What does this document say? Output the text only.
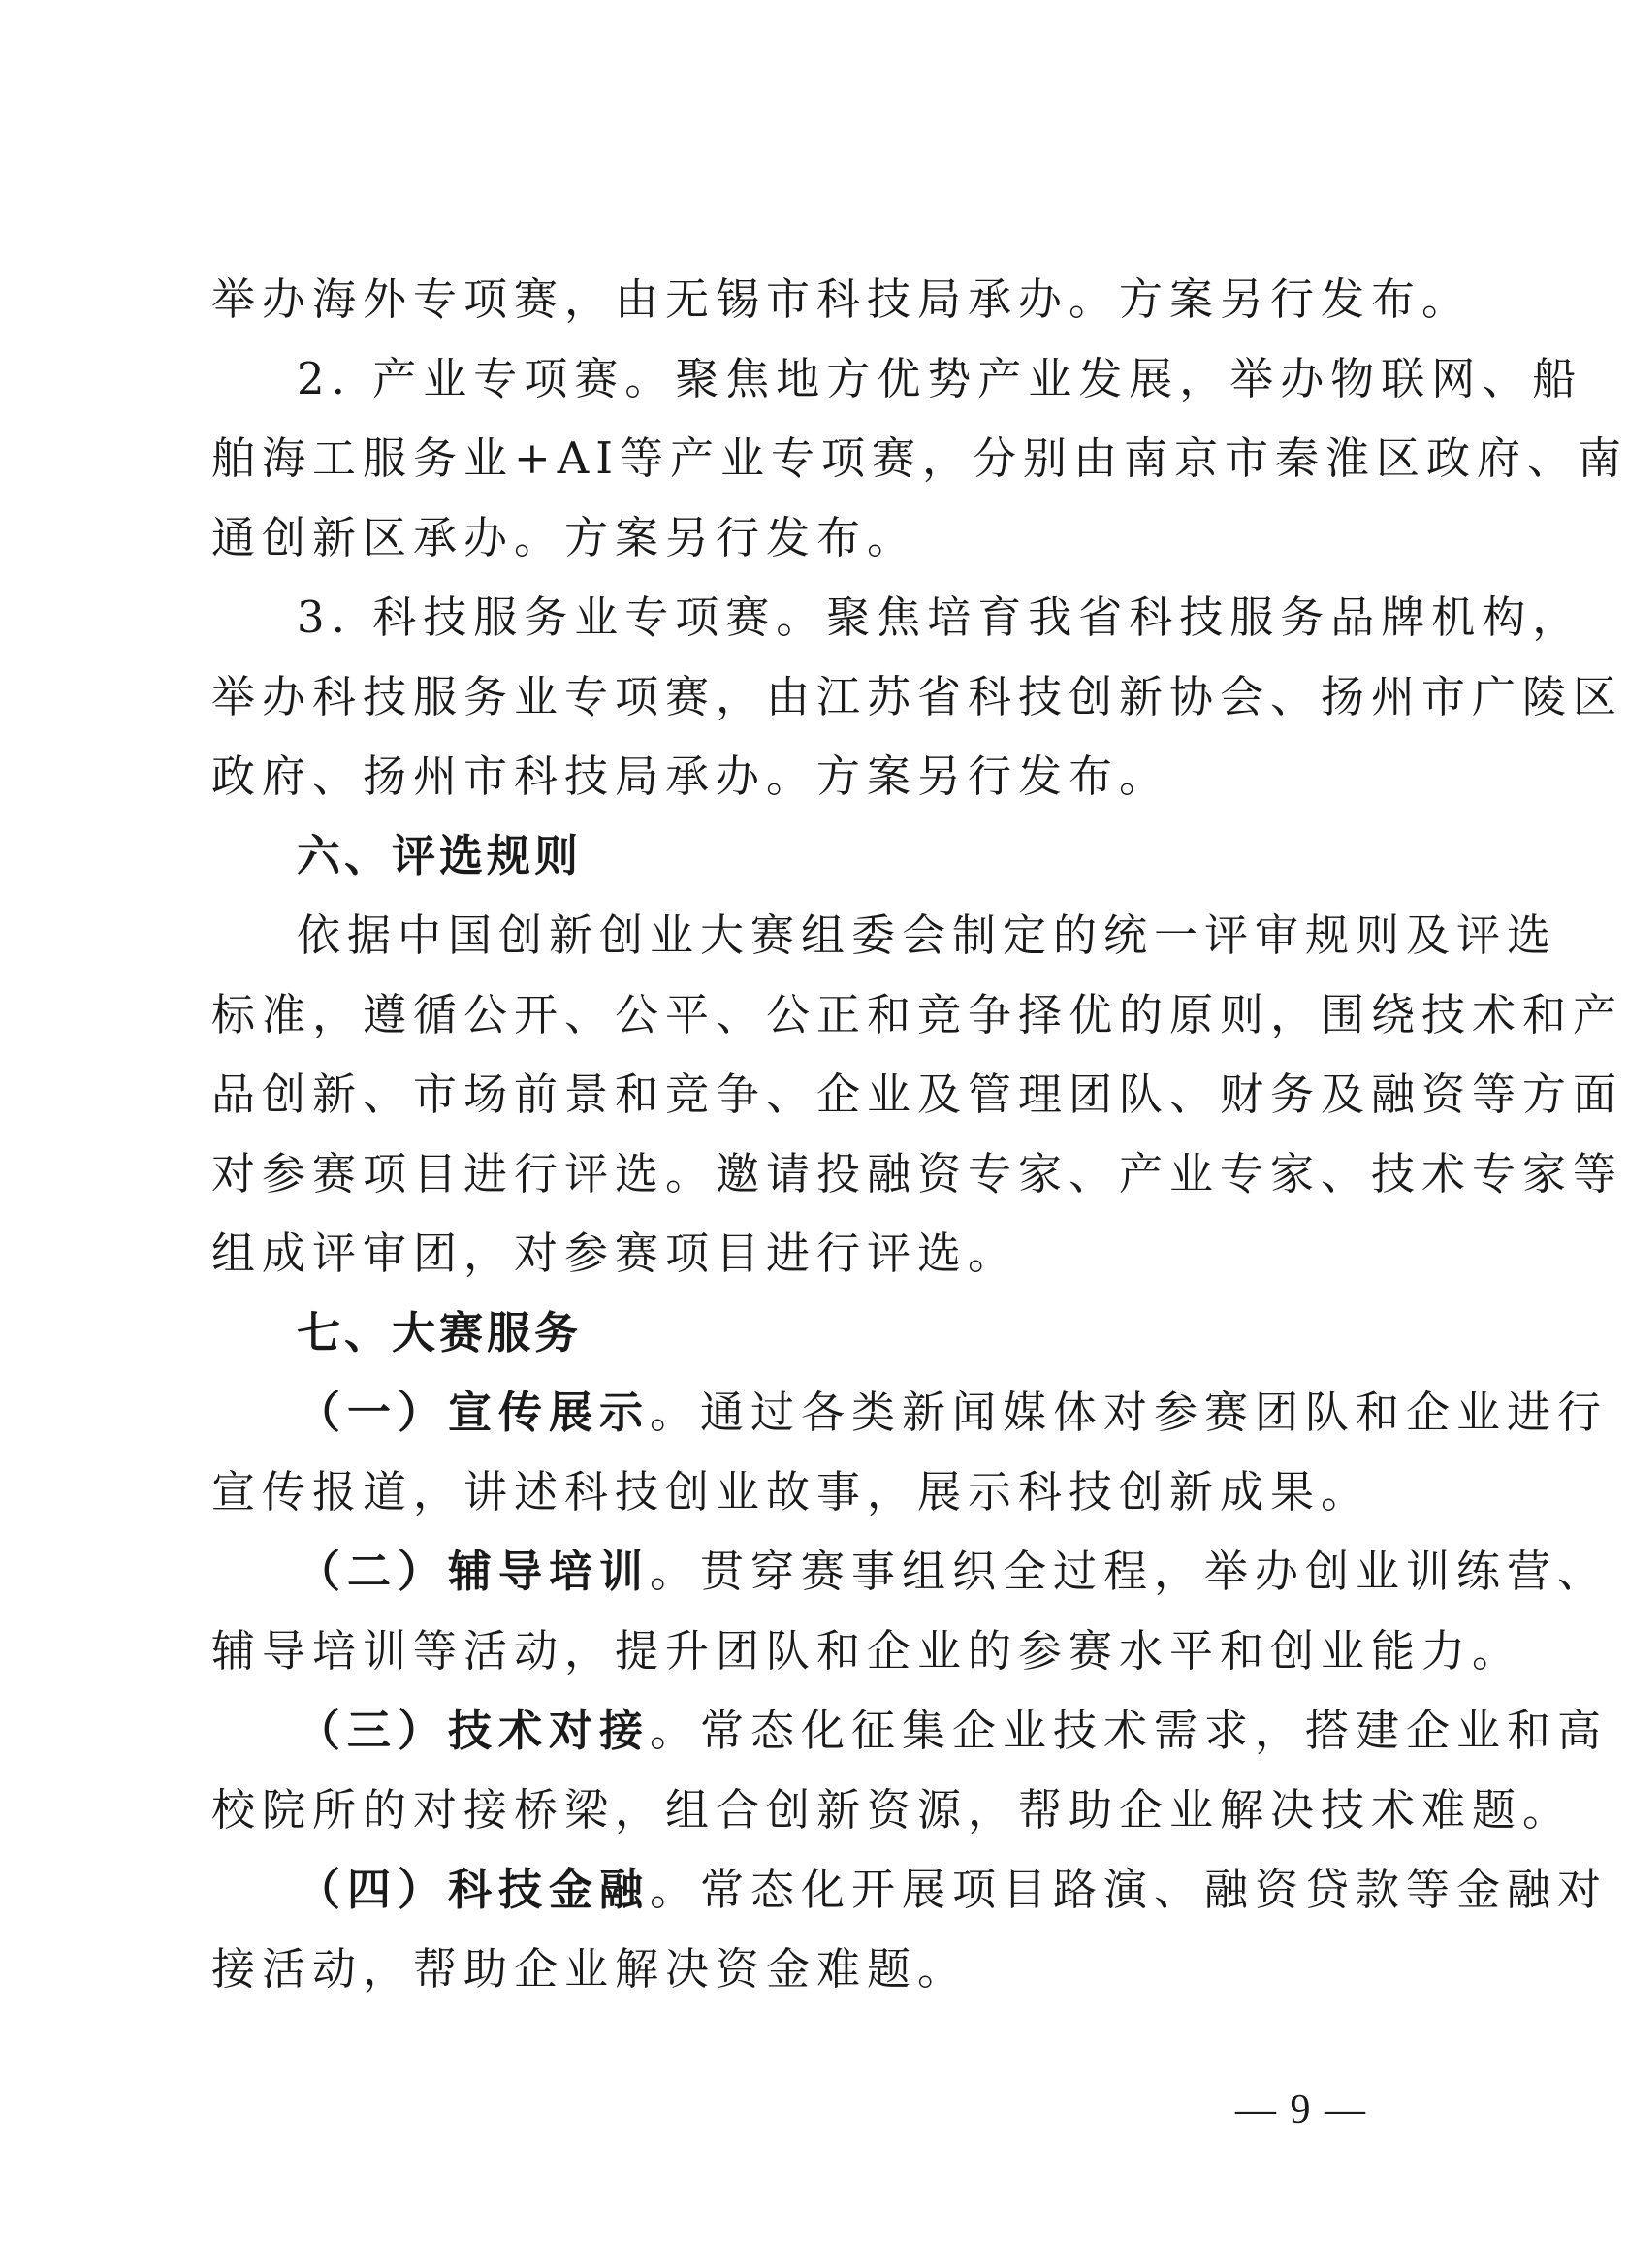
举办海外专项赛，由无锡市科技局承办。方案另行发布。
2. 产业专项赛。聚焦地方优势产业发展，举办物联网、船
舶海工服务业+AI等产业专项赛，分别由南京市秦淮区政府、南
通创新区承办。方案另行发布。
3. 科技服务业专项赛。聚焦培育我省科技服务品牌机构，
举办科技服务业专项赛，由江苏省科技创新协会、扬州市广陵区
政府、扬州市科技局承办。方案另行发布。
六、评选规则
依据中国创新创业大赛组委会制定的统一评审规则及评选
标准，遵循公开、公平、公正和竞争择优的原则，围绕技术和产
品创新、市场前景和竞争、企业及管理团队、财务及融资等方面
对参赛项目进行评选。邀请投融资专家、产业专家、技术专家等
组成评审团，对参赛项目进行评选。
七、大赛服务
（一）宣传展示。通过各类新闻媒体对参赛团队和企业进行
宣传报道，讲述科技创业故事，展示科技创新成果。
（二）辅导培训。贯穿赛事组织全过程，举办创业训练营、
辅导培训等活动，提升团队和企业的参赛水平和创业能力。
（三）技术对接。常态化征集企业技术需求，搭建企业和高
校院所的对接桥梁，组合创新资源，帮助企业解决技术难题。
（四）科技金融。常态化开展项目路演、融资贷款等金融对
接活动，帮助企业解决资金难题。
— 9 —
